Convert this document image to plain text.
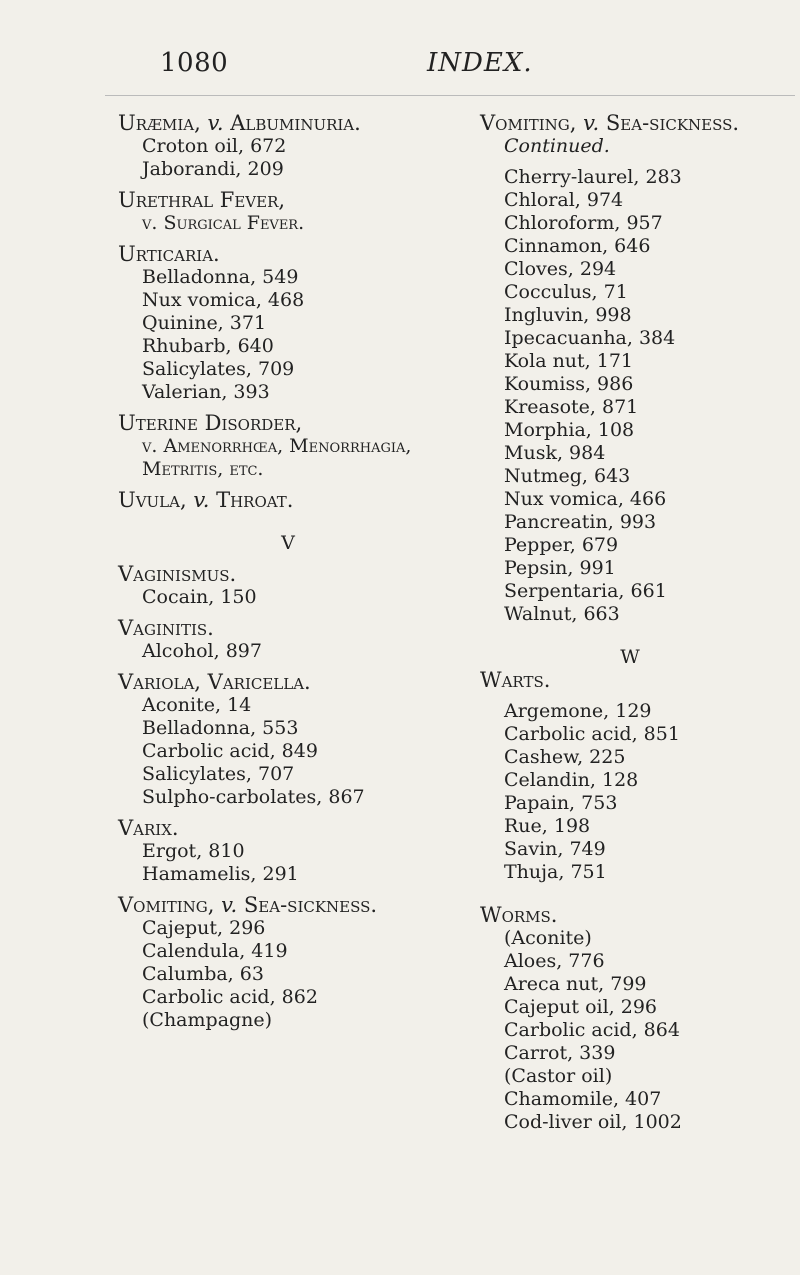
1080	INDEX.
Uræmia, v. Albuminuria.
Croton oil, 672
Jaborandi, 209
Urethral Fever,
v. Surgical Fever.
Urticaria.
Belladonna, 549
Nux vomica, 468
Quinine, 371
Rhubarb, 640
Salicylates, 709
Valerian, 393
Uterine Disorder,
v. Amenorrhœa, Menorrhagia,
Metritis, etc.
Uvula, v. Throat.
V
Vaginismus.
Cocain, 150
Vaginitis.
Alcohol, 897
Variola, Varicella.
Aconite, 14
Belladonna, 553
Carbolic acid, 849
Salicylates, 707
Sulpho-carbolates, 867
Varix.
Ergot, 810
Hamamelis, 291
Vomiting, v. Sea-sickness.
Cajeput, 296
Calendula, 419
Calumba, 63
Carbolic acid, 862
(Champagne)
Vomiting, v. Sea-sickness.
Continued.
Cherry-laurel, 283
Chloral, 974
Chloroform, 957
Cinnamon, 646
Cloves, 294
Cocculus, 71
Ingluvin, 998
Ipecacuanha, 384
Kola nut, 171
Koumiss, 986
Kreasote, 871
Morphia, 108
Musk, 984
Nutmeg, 643
Nux vomica, 466
Pancreatin, 993
Pepper, 679
Pepsin, 991
Serpentaria, 661
Walnut, 663
W
Warts.
Argemone, 129
Carbolic acid, 851
Cashew, 225
Celandin, 128
Papain, 753
Rue, 198
Savin, 749
Thuja, 751
Worms.
(Aconite)
Aloes, 776
Areca nut, 799
Cajeput oil, 296
Carbolic acid, 864
Carrot, 339
(Castor oil)
Chamomile, 407
Cod-liver oil, 1002
